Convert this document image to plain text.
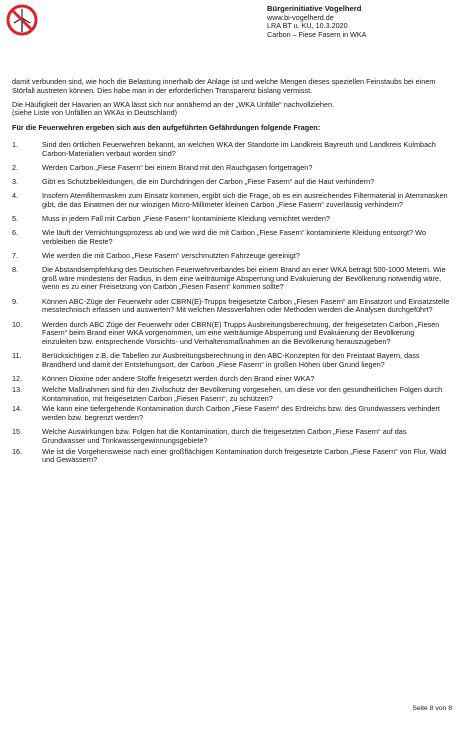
Bürgerinitiative Vogelherd
www.bi-vogelherd.de
LRA BT u. KU, 10.3.2020
Carbon – Fiese Fasern in WKA

damit verbunden sind, wie hoch die Belastung innerhalb der Anlage ist und welche Mengen dieses speziellen Feinstaubs bei einem Störfall austreten können. Dies habe man in der erforderlichen Transparenz bislang vermisst.

Die Häufigkeit der Havarien an WKA lässt sich nur annähernd an der „WKA Unfälle“ nachvollziehen.
(siehe Liste von Unfällen an WKAs in Deutschland)

Für die Feuerwehren ergeben sich aus den aufgeführten Gefährdungen folgende Fragen:

1.	Sind den örtlichen Feuerwehren bekannt, an welchen WKA der Standorte im Landkreis Bayreuth und Landkreis Kulmbach Carbon-Materialien verbaut worden sind?
2.	Werden Carbon „Fiese Fasern“ bei einem Brand mit den Rauchgasen fortgetragen?
3.	Gibt es Schutzbekleidungen, die ein Durchdringen der Carbon „Fiese Fasern“ auf die Haut verhindern?
4.	Insofern Atemfiltermasken zum Einsatz kommen, ergibt sich die Frage, ob es ein ausreichendes Filtermaterial in Atemmasken gibt, die das Einatmen der nur winzigen Micro-Millimeter kleinen Carbon „Fiese Fasern“ zuverlässig verhindern?
5.	Muss in jedem Fall mit Carbon „Fiese Fasern“ kontaminierte Kleidung vernichtet werden?
6.	Wie läuft der Vernichtungsprozess ab und wie wird die mit Carbon „Fiese Fasern“ kontaminierte Kleidung entsorgt? Wo verbleiben die Reste?
7.	Wie werden die mit Carbon „Fiese Fasern“ verschmutzten Fahrzeuge gereinigt?
8.	Die Abstandsempfehlung des Deutschen Feuerwehrverbandes bei einem Brand an einer WKA beträgt 500-1000 Metern. Wie groß wäre mindestens der Radius, in dem eine weiträumige Absperrung und Evakuierung der Bevölkerung notwendig wäre, wenn es zu einer Freisetzung von Carbon „Fiesen Fasern“ kommen sollte?
9.	Können ABC-Züge der Feuerwehr oder CBRN(E)-Trupps freigesetzte Carbon „Fiesen Fasern“ am Einsatzort und Einsatzstelle messtechnisch erfassen und auswerten? Mit welchen Messverfahren oder Methoden werden die Analysen durchgeführt?
10.	Werden durch ABC Züge der Feuerwehr oder CBRN(E) Trupps Ausbreitungsberechnung, der freigesetzten Carbon „Fiesen Fasern“ beim Brand einer WKA vorgenommen, um eine weiträumige Absperrung und Evakuierung der Bevölkerung einzuleiten bzw. entsprechende Vorsichts- und Verhaltensmaßnahmen an die Bevölkerung herauszugeben?
11.	Berücksichtigen z.B. die Tabellen zur Ausbreitungsberechnung in den ABC-Konzepten für den Freistaat Bayern, dass Brandherd und damit der Entstehungsort, der Carbon „Fiese Fasern“ in großen Höhen über Grund liegen?
12.	Können Dioxine oder andere Stoffe freigesetzt werden durch den Brand einer WKA?
13.	Welche Maßnahmen sind für den Zivilschutz der Bevölkerung vorgesehen, um diese vor den gesundheitlichen Folgen durch Kontamination, mit freigesetzten Carbon „Fiesen Fasern“, zu schützen?
14.	Wie kann eine tiefergehende Kontamination durch Carbon „Fiese Fasern“ des Erdreichs bzw. des Grundwassers verhindert werden bzw. begrenzt werden?
15.	Welche Auswirkungen bzw. Folgen hat die Kontamination, durch die freigesetzten Carbon „Fiese Fasern“ auf das Grundwasser und Trinkwassergewinnungsgebiete?
16.	Wie ist die Vorgehensweise nach einer großflächigen Kontamination durch freigesetzte Carbon „Fiese Fasern“ von Flur, Wald und Gewässern?
Seite 8 von 8
